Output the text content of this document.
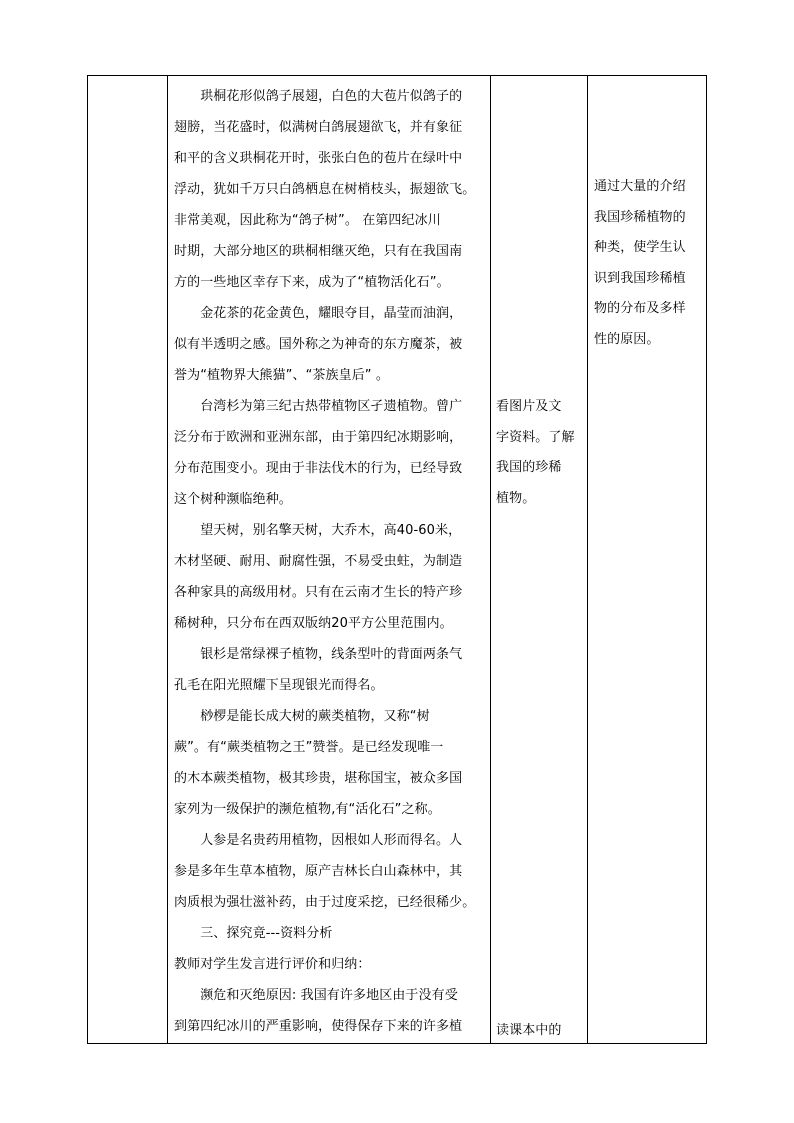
　　珙桐花形似鸽子展翅，白色的大苞片似鸽子的
翅膀，当花盛时，似满树白鸽展翅欲飞，并有象征
和平的含义珙桐花开时，张张白色的苞片在绿叶中
浮动，犹如千万只白鸽栖息在树梢枝头，振翅欲飞。
非常美观，因此称为“鸽子树”。 在第四纪冰川
时期，大部分地区的珙桐相继灭绝，只有在我国南
方的一些地区幸存下来，成为了“植物活化石”。
　　金花茶的花金黄色，耀眼夺目，晶莹而油润，
似有半透明之感。国外称之为神奇的东方魔茶，被
誉为“植物界大熊猫”、“茶族皇后” 。
　　台湾杉为第三纪古热带植物区孑遗植物。曾广
泛分布于欧洲和亚洲东部，由于第四纪冰期影响，
分布范围变小。现由于非法伐木的行为，已经导致
这个树种濒临绝种。
　　望天树，别名擎天树，大乔木，高40-60米，
木材坚硬、耐用、耐腐性强，不易受虫蛀，为制造
各种家具的高级用材。只有在云南才生长的特产珍
稀树种，只分布在西双版纳20平方公里范围内。
　　银杉是常绿裸子植物，线条型叶的背面两条气
孔毛在阳光照耀下呈现银光而得名。
　　桫椤是能长成大树的蕨类植物，又称“树
蕨”。有“蕨类植物之王”赞誉。是已经发现唯一
的木本蕨类植物，极其珍贵，堪称国宝，被众多国
家列为一级保护的濒危植物,有“活化石”之称。
　　人参是名贵药用植物，因根如人形而得名。人
参是多年生草本植物，原产吉林长白山森林中，其
肉质根为强壮滋补药，由于过度采挖，已经很稀少。
　　三、探究竟---资料分析
教师对学生发言进行评价和归纳：
　　濒危和灭绝原因: 我国有许多地区由于没有受
到第四纪冰川的严重影响，使得保存下来的许多植
看图片及文
字资料。了解
我国的珍稀
植物。
读课本中的
通过大量的介绍
我国珍稀植物的
种类，使学生认
识到我国珍稀植
物的分布及多样
性的原因。
